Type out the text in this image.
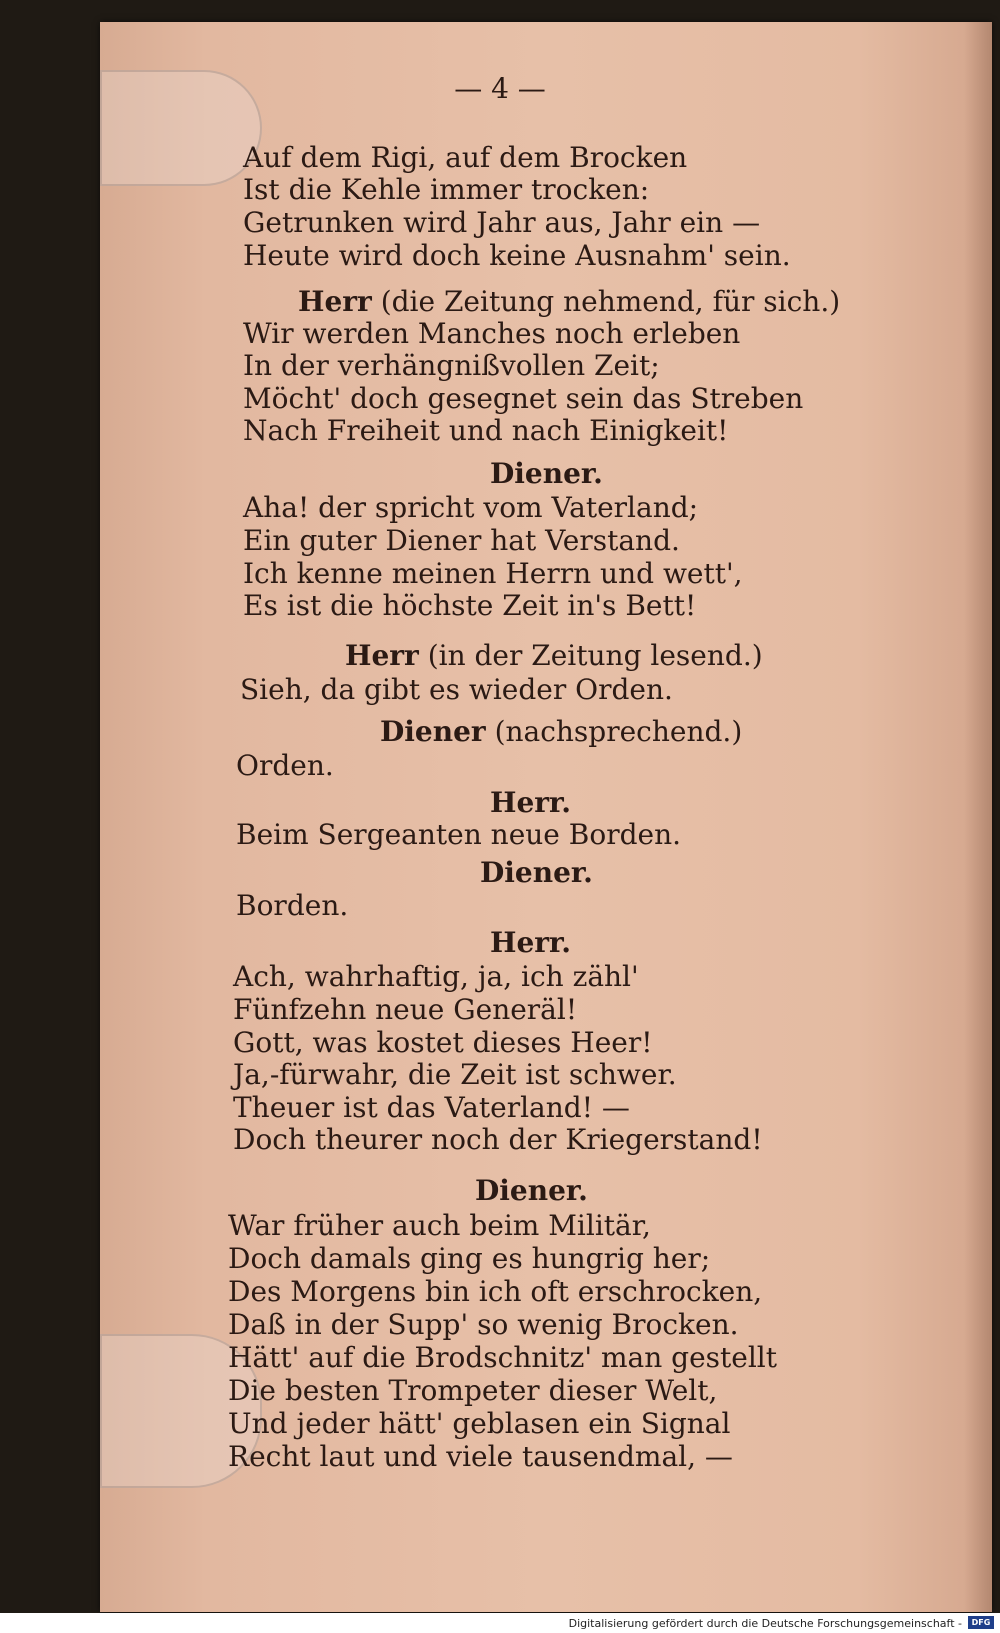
— 4 —
Auf dem Rigi, auf dem Brocken
Ist die Kehle immer trocken:
Getrunken wird Jahr aus, Jahr ein —
Heute wird doch keine Ausnahm' sein.
Herr (die Zeitung nehmend, für sich.)
Wir werden Manches noch erleben
In der verhängnißvollen Zeit;
Möcht' doch gesegnet sein das Streben
Nach Freiheit und nach Einigkeit!
Diener.
Aha! der spricht vom Vaterland;
Ein guter Diener hat Verstand.
Ich kenne meinen Herrn und wett',
Es ist die höchste Zeit in's Bett!
Herr (in der Zeitung lesend.)
Sieh, da gibt es wieder Orden.
Diener (nachsprechend.)
Orden.
Herr.
Beim Sergeanten neue Borden.
Diener.
Borden.
Herr.
Ach, wahrhaftig, ja, ich zähl'
Fünfzehn neue Generäl!
Gott, was kostet dieses Heer!
Ja,-fürwahr, die Zeit ist schwer.
Theuer ist das Vaterland! —
Doch theurer noch der Kriegerstand!
Diener.
War früher auch beim Militär,
Doch damals ging es hungrig her;
Des Morgens bin ich oft erschrocken,
Daß in der Supp' so wenig Brocken.
Hätt' auf die Brodschnitz' man gestellt
Die besten Trompeter dieser Welt,
Und jeder hätt' geblasen ein Signal
Recht laut und viele tausendmal, —
Digitalisierung gefördert durch die Deutsche Forschungsgemeinschaft -	DFG
